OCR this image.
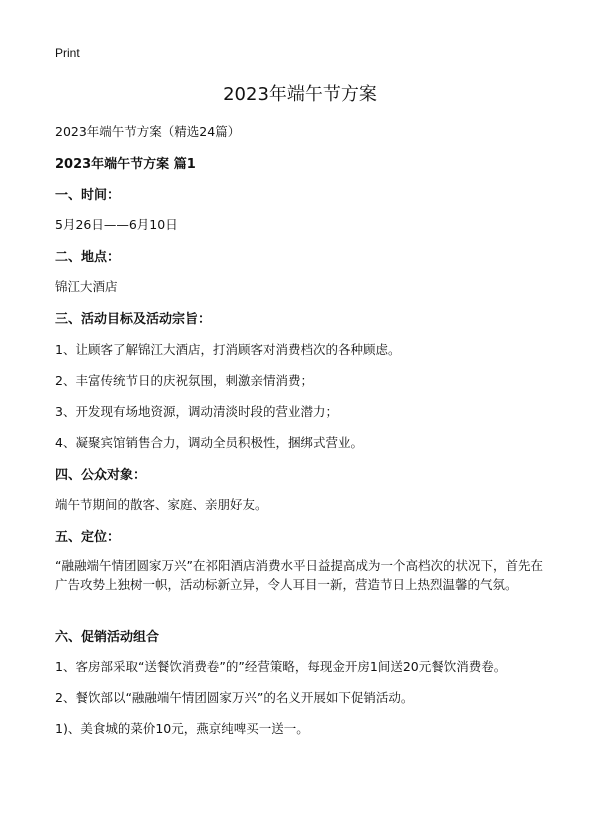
Print
2023年端午节方案
2023年端午节方案（精选24篇）
2023年端午节方案 篇1
一、时间：
5月26日——6月10日
二、地点：
锦江大酒店
三、活动目标及活动宗旨：
1、让顾客了解锦江大酒店，打消顾客对消费档次的各种顾虑。
2、丰富传统节日的庆祝氛围，刺激亲情消费；
3、开发现有场地资源，调动清淡时段的营业潜力；
4、凝聚宾馆销售合力，调动全员积极性，捆绑式营业。
四、公众对象：
端午节期间的散客、家庭、亲朋好友。
五、定位：
“融融端午情团圆家万兴”在祁阳酒店消费水平日益提高成为一个高档次的状况下，首先在广告攻势上独树一帜，活动标新立异，令人耳目一新，营造节日上热烈温馨的气氛。
六、促销活动组合
1、客房部采取“送餐饮消费卷”的”经营策略，每现金开房1间送20元餐饮消费卷。
2、餐饮部以“融融端午情团圆家万兴”的名义开展如下促销活动。
1)、美食城的菜价10元，燕京纯啤买一送一。
